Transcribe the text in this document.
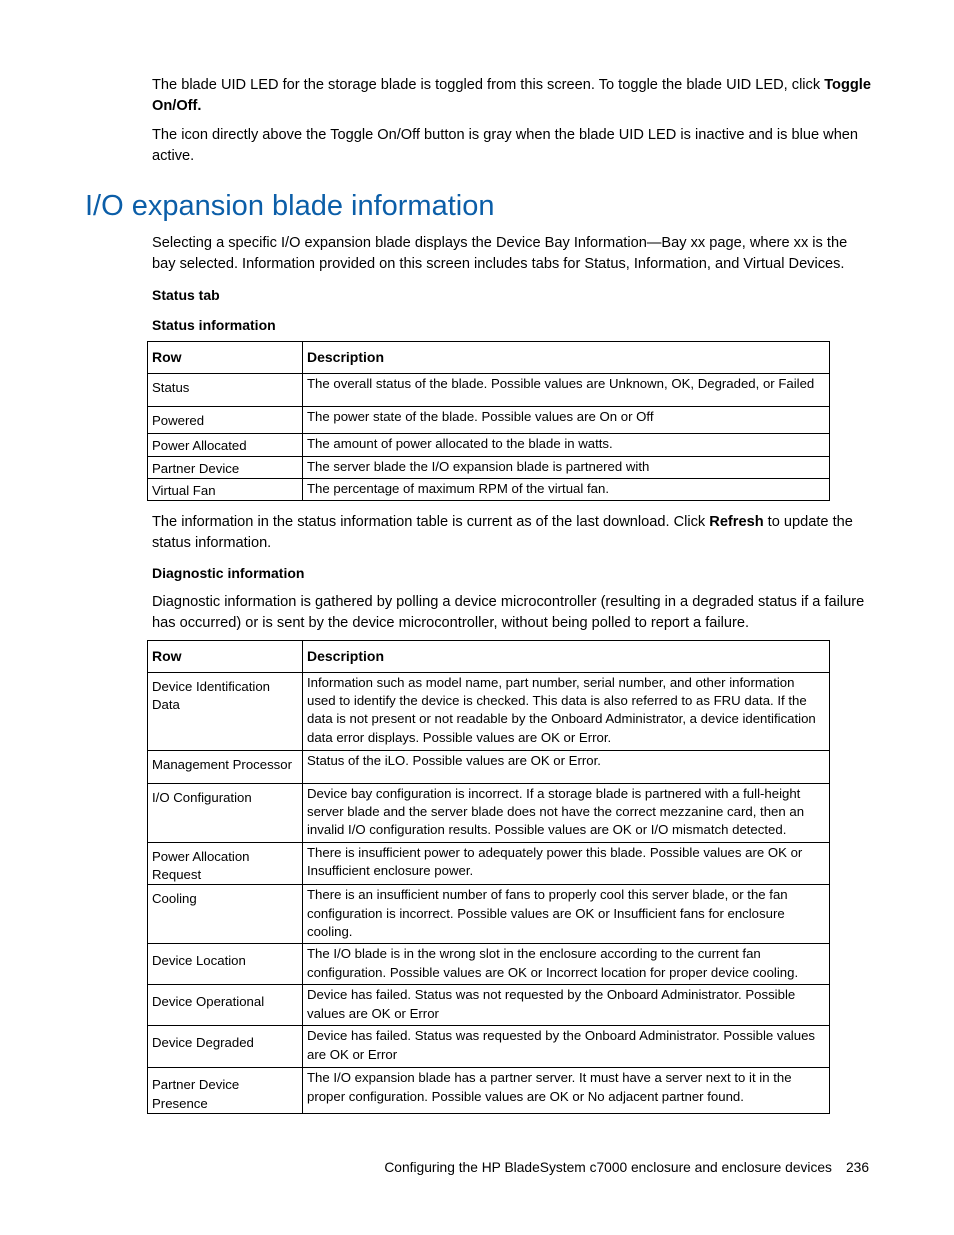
The blade UID LED for the storage blade is toggled from this screen. To toggle the blade UID LED, click Toggle On/Off.

The icon directly above the Toggle On/Off button is gray when the blade UID LED is inactive and is blue when active.

I/O expansion blade information

Selecting a specific I/O expansion blade displays the Device Bay Information—Bay xx page, where xx is the bay selected. Information provided on this screen includes tabs for Status, Information, and Virtual Devices.

Status tab
Status information
Row	Description
Status	The overall status of the blade. Possible values are Unknown, OK, Degraded, or Failed
Powered	The power state of the blade. Possible values are On or Off
Power Allocated	The amount of power allocated to the blade in watts.
Partner Device	The server blade the I/O expansion blade is partnered with
Virtual Fan	The percentage of maximum RPM of the virtual fan.

The information in the status information table is current as of the last download. Click Refresh to update the status information.

Diagnostic information

Diagnostic information is gathered by polling a device microcontroller (resulting in a degraded status if a failure has occurred) or is sent by the device microcontroller, without being polled to report a failure.

Row	Description
Device Identification Data	Information such as model name, part number, serial number, and other information used to identify the device is checked. This data is also referred to as FRU data. If the data is not present or not readable by the Onboard Administrator, a device identification data error displays. Possible values are OK or Error.
Management Processor	Status of the iLO. Possible values are OK or Error.
I/O Configuration	Device bay configuration is incorrect. If a storage blade is partnered with a full-height server blade and the server blade does not have the correct mezzanine card, then an invalid I/O configuration results. Possible values are OK or I/O mismatch detected.
Power Allocation Request	There is insufficient power to adequately power this blade. Possible values are OK or Insufficient enclosure power.
Cooling	There is an insufficient number of fans to properly cool this server blade, or the fan configuration is incorrect. Possible values are OK or Insufficient fans for enclosure cooling.
Device Location	The I/O blade is in the wrong slot in the enclosure according to the current fan configuration. Possible values are OK or Incorrect location for proper device cooling.
Device Operational	Device has failed. Status was not requested by the Onboard Administrator. Possible values are OK or Error
Device Degraded	Device has failed. Status was requested by the Onboard Administrator. Possible values are OK or Error
Partner Device Presence	The I/O expansion blade has a partner server. It must have a server next to it in the proper configuration. Possible values are OK or No adjacent partner found.
Configuring the HP BladeSystem c7000 enclosure and enclosure devices 236
